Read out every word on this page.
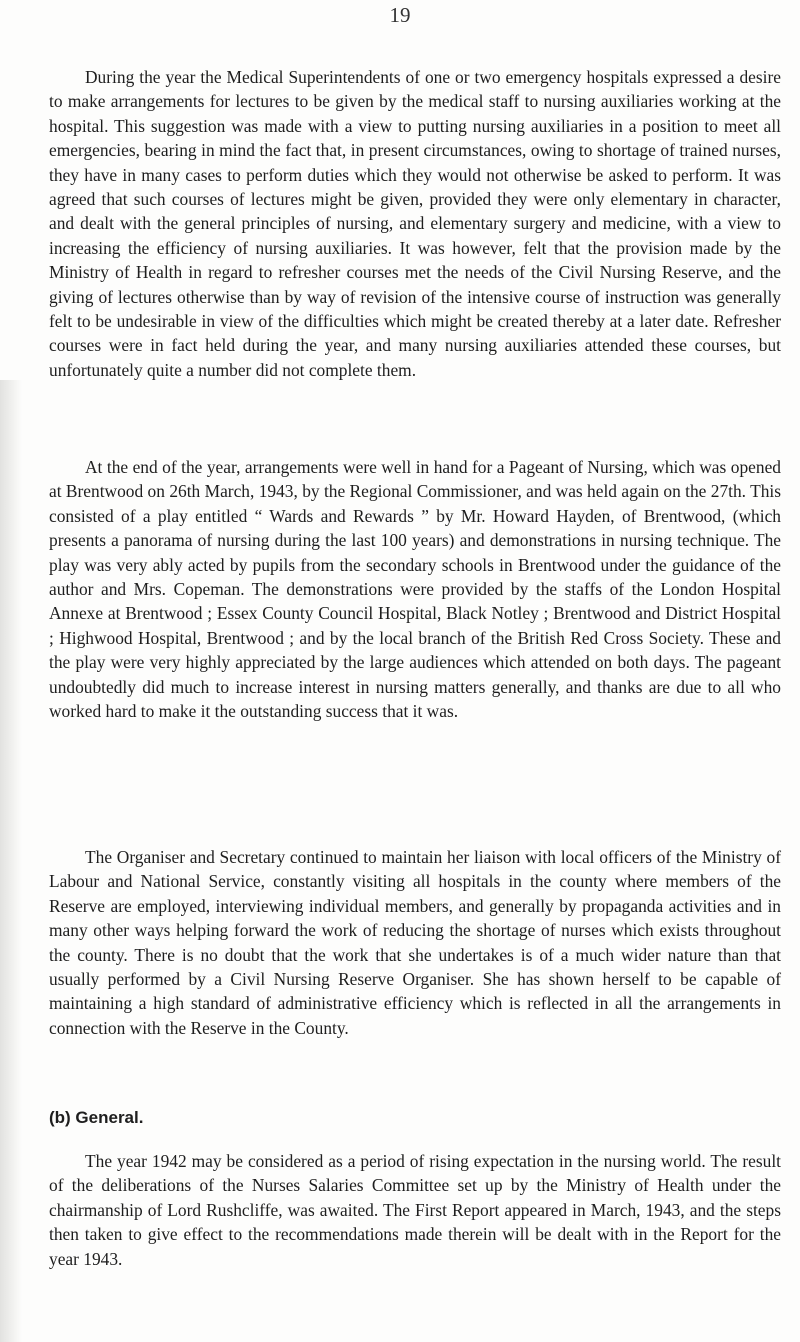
19

During the year the Medical Superintendents of one or two emergency hospitals expressed a desire to make arrangements for lectures to be given by the medical staff to nursing auxiliaries working at the hospital. This suggestion was made with a view to putting nursing auxiliaries in a position to meet all emergencies, bearing in mind the fact that, in present circumstances, owing to shortage of trained nurses, they have in many cases to perform duties which they would not otherwise be asked to perform. It was agreed that such courses of lectures might be given, provided they were only elementary in character, and dealt with the general principles of nursing, and elementary surgery and medicine, with a view to increasing the efficiency of nursing auxiliaries. It was however, felt that the provision made by the Ministry of Health in regard to refresher courses met the needs of the Civil Nursing Reserve, and the giving of lectures otherwise than by way of revision of the intensive course of instruction was generally felt to be undesirable in view of the difficulties which might be created thereby at a later date. Refresher courses were in fact held during the year, and many nursing auxiliaries attended these courses, but unfortunately quite a number did not complete them.

At the end of the year, arrangements were well in hand for a Pageant of Nursing, which was opened at Brentwood on 26th March, 1943, by the Regional Commissioner, and was held again on the 27th. This consisted of a play entitled “ Wards and Rewards ” by Mr. Howard Hayden, of Brentwood, (which presents a panorama of nursing during the last 100 years) and demonstrations in nursing technique. The play was very ably acted by pupils from the secondary schools in Brentwood under the guidance of the author and Mrs. Copeman. The demonstrations were provided by the staffs of the London Hospital Annexe at Brentwood ; Essex County Council Hospital, Black Notley ; Brentwood and District Hospital ; Highwood Hospital, Brentwood ; and by the local branch of the British Red Cross Society. These and the play were very highly appreciated by the large audiences which attended on both days. The pageant undoubtedly did much to increase interest in nursing matters generally, and thanks are due to all who worked hard to make it the outstanding success that it was.

The Organiser and Secretary continued to maintain her liaison with local officers of the Ministry of Labour and National Service, constantly visiting all hospitals in the county where members of the Reserve are employed, interviewing individual members, and generally by propaganda activities and in many other ways helping forward the work of reducing the shortage of nurses which exists throughout the county. There is no doubt that the work that she undertakes is of a much wider nature than that usually performed by a Civil Nursing Reserve Organiser. She has shown herself to be capable of maintaining a high standard of administrative efficiency which is reflected in all the arrangements in connection with the Reserve in the County.

(b) General.

The year 1942 may be considered as a period of rising expectation in the nursing world. The result of the deliberations of the Nurses Salaries Committee set up by the Ministry of Health under the chairmanship of Lord Rushcliffe, was awaited. The First Report appeared in March, 1943, and the steps then taken to give effect to the recommendations made therein will be dealt with in the Report for the year 1943.
